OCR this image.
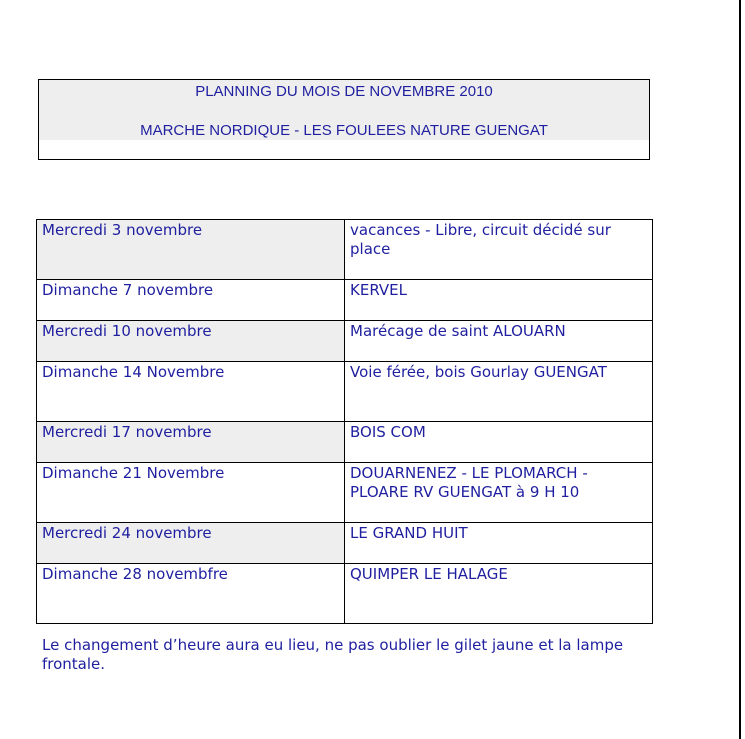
PLANNING DU MOIS DE NOVEMBRE 2010
MARCHE NORDIQUE - LES FOULEES NATURE GUENGAT
Mercredi 3 novembre	vacances - Libre, circuit décidé sur place
Dimanche 7 novembre	KERVEL
Mercredi 10 novembre	Marécage de saint ALOUARN
Dimanche 14 Novembre	Voie férée, bois Gourlay GUENGAT
Mercredi 17 novembre	BOIS COM
Dimanche 21 Novembre	DOUARNENEZ - LE PLOMARCH - PLOARE RV GUENGAT à 9 H 10
Mercredi 24 novembre	LE GRAND HUIT
Dimanche 28 novembfre	QUIMPER LE HALAGE
Le changement d’heure aura eu lieu, ne pas oublier le gilet jaune et la lampe frontale.
